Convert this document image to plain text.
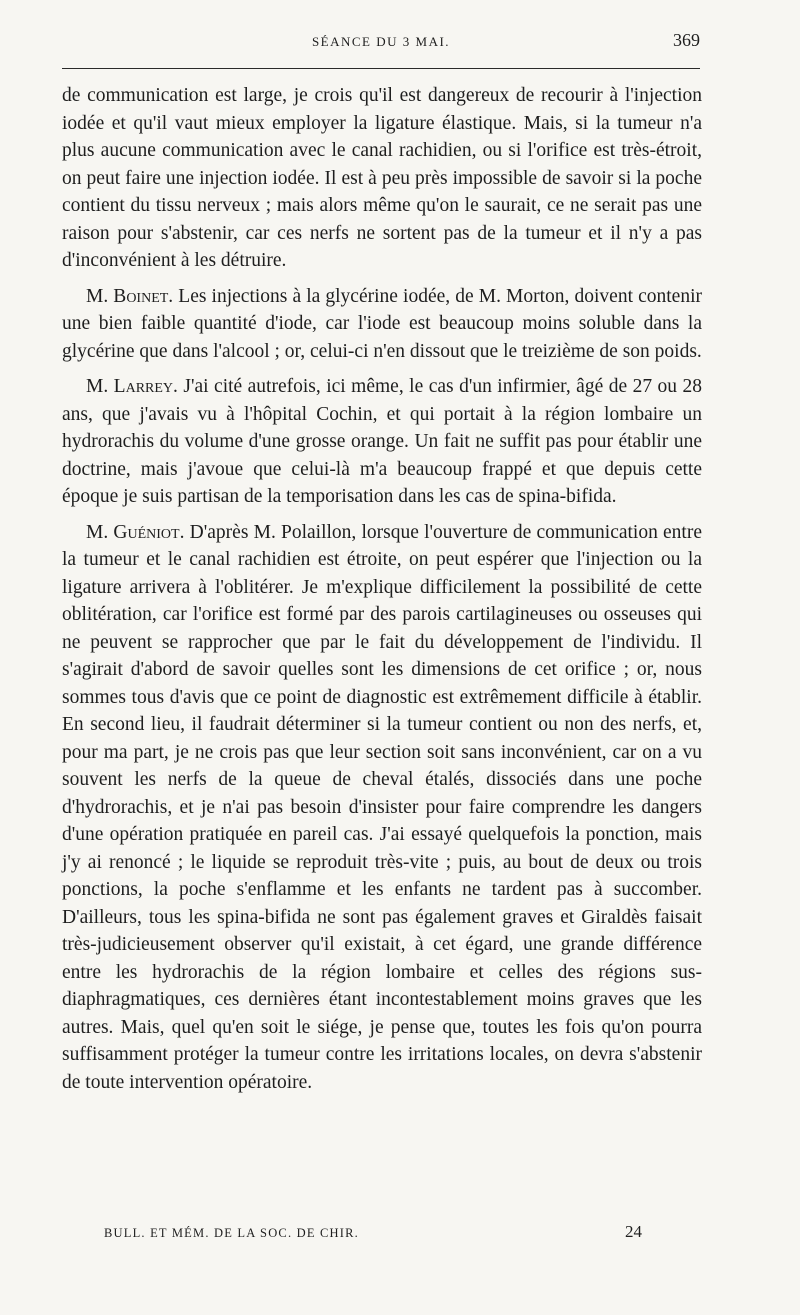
SÉANCE DU 3 MAI.	369

de communication est large, je crois qu'il est dangereux de recourir à l'injection iodée et qu'il vaut mieux employer la ligature élastique. Mais, si la tumeur n'a plus aucune communication avec le canal rachidien, ou si l'orifice est très-étroit, on peut faire une injection iodée. Il est à peu près impossible de savoir si la poche contient du tissu nerveux ; mais alors même qu'on le saurait, ce ne serait pas une raison pour s'abstenir, car ces nerfs ne sortent pas de la tumeur et il n'y a pas d'inconvénient à les détruire.

M. Boinet. Les injections à la glycérine iodée, de M. Morton, doivent contenir une bien faible quantité d'iode, car l'iode est beaucoup moins soluble dans la glycérine que dans l'alcool ; or, celui-ci n'en dissout que le treizième de son poids.

M. Larrey. J'ai cité autrefois, ici même, le cas d'un infirmier, âgé de 27 ou 28 ans, que j'avais vu à l'hôpital Cochin, et qui portait à la région lombaire un hydrorachis du volume d'une grosse orange. Un fait ne suffit pas pour établir une doctrine, mais j'avoue que celui-là m'a beaucoup frappé et que depuis cette époque je suis partisan de la temporisation dans les cas de spina-bifida.

M. Guéniot. D'après M. Polaillon, lorsque l'ouverture de communication entre la tumeur et le canal rachidien est étroite, on peut espérer que l'injection ou la ligature arrivera à l'oblitérer. Je m'explique difficilement la possibilité de cette oblitération, car l'orifice est formé par des parois cartilagineuses ou osseuses qui ne peuvent se rapprocher que par le fait du développement de l'individu. Il s'agirait d'abord de savoir quelles sont les dimensions de cet orifice ; or, nous sommes tous d'avis que ce point de diagnostic est extrêmement difficile à établir. En second lieu, il faudrait déterminer si la tumeur contient ou non des nerfs, et, pour ma part, je ne crois pas que leur section soit sans inconvénient, car on a vu souvent les nerfs de la queue de cheval étalés, dissociés dans une poche d'hydrorachis, et je n'ai pas besoin d'insister pour faire comprendre les dangers d'une opération pratiquée en pareil cas. J'ai essayé quelquefois la ponction, mais j'y ai renoncé ; le liquide se reproduit très-vite ; puis, au bout de deux ou trois ponctions, la poche s'enflamme et les enfants ne tardent pas à succomber. D'ailleurs, tous les spina-bifida ne sont pas également graves et Giraldès faisait très-judicieusement observer qu'il existait, à cet égard, une grande différence entre les hydrorachis de la région lombaire et celles des régions sus-diaphragmatiques, ces dernières étant incontestablement moins graves que les autres. Mais, quel qu'en soit le siége, je pense que, toutes les fois qu'on pourra suffisamment protéger la tumeur contre les irritations locales, on devra s'abstenir de toute intervention opératoire.

BULL. ET MÉM. DE LA SOC. DE CHIR.	24
